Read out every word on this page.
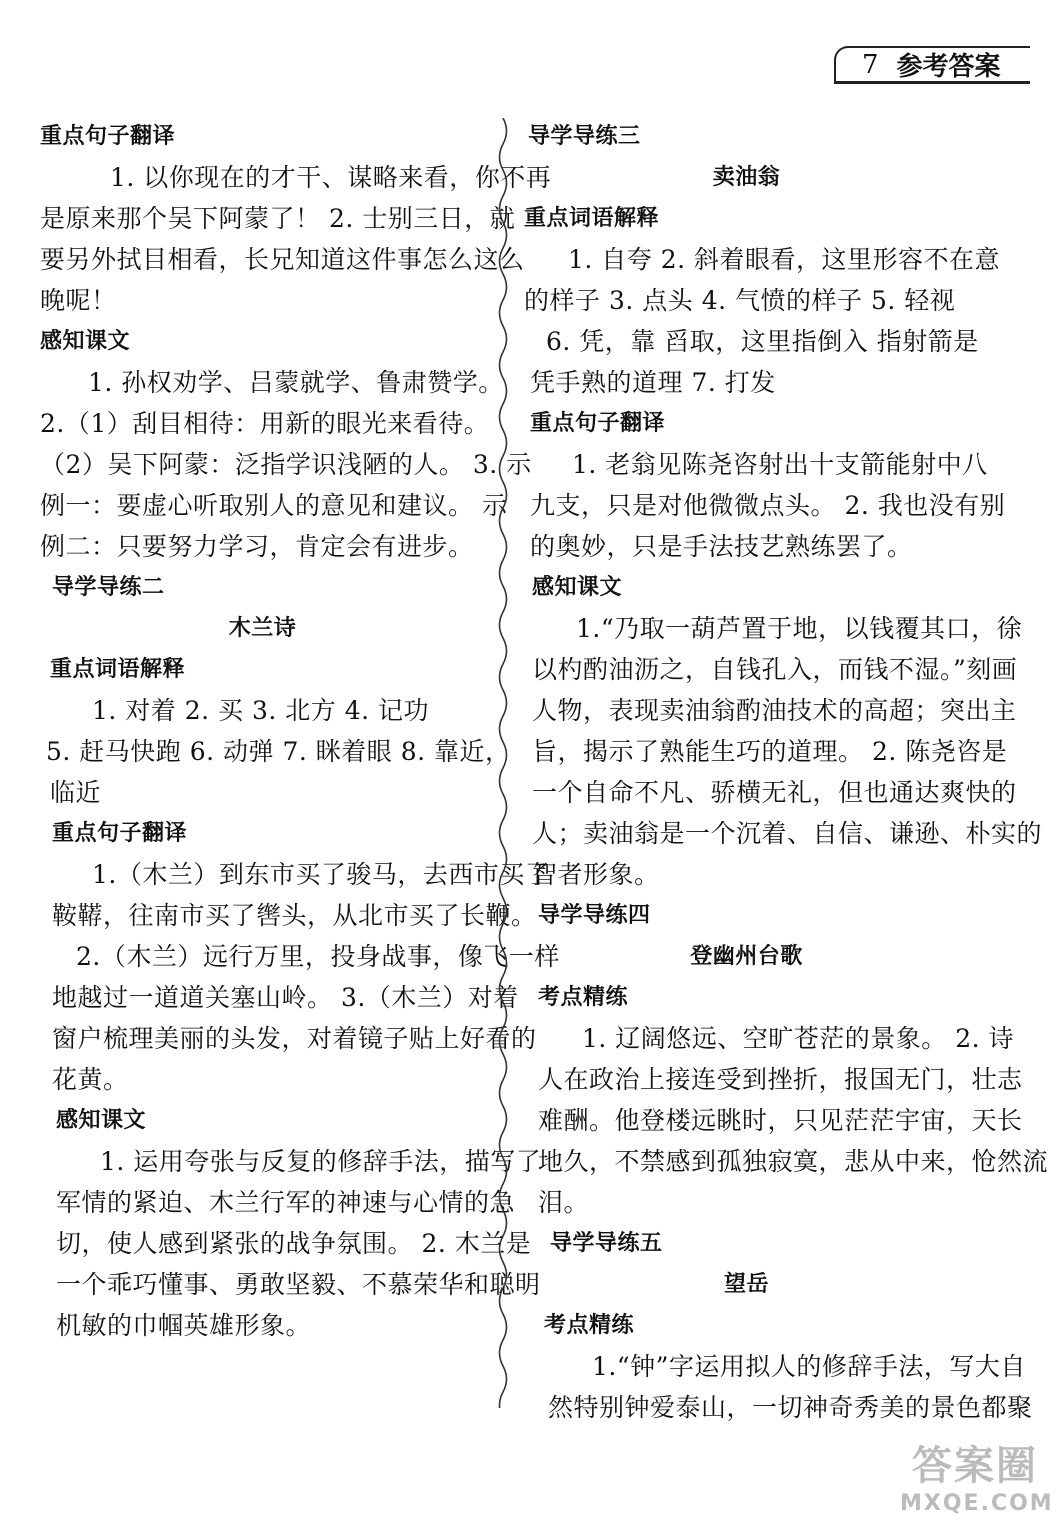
7 参考答案
重点句子翻译
1. 以你现在的才干、谋略来看，你不再
是原来那个吴下阿蒙了！ 2. 士别三日，就
要另外拭目相看，长兄知道这件事怎么这么
晚呢！
感知课文
1. 孙权劝学、吕蒙就学、鲁肃赞学。
2.（1）刮目相待：用新的眼光来看待。
（2）吴下阿蒙：泛指学识浅陋的人。 3. 示
例一：要虚心听取别人的意见和建议。 示
例二：只要努力学习，肯定会有进步。
导学导练二
木兰诗
重点词语解释
1. 对着 2. 买 3. 北方 4. 记功
5. 赶马快跑 6. 动弹 7. 眯着眼 8. 靠近，
临近
重点句子翻译
1.（木兰）到东市买了骏马，去西市买了
鞍鞯，往南市买了辔头，从北市买了长鞭。
2.（木兰）远行万里，投身战事，像飞一样
地越过一道道关塞山岭。 3.（木兰）对着
窗户梳理美丽的头发，对着镜子贴上好看的
花黄。
感知课文
1. 运用夸张与反复的修辞手法，描写了
军情的紧迫、木兰行军的神速与心情的急
切，使人感到紧张的战争氛围。 2. 木兰是
一个乖巧懂事、勇敢坚毅、不慕荣华和聪明
机敏的巾帼英雄形象。
导学导练三
卖油翁
重点词语解释
1. 自夸 2. 斜着眼看，这里形容不在意
的样子 3. 点头 4. 气愤的样子 5. 轻视
6. 凭，靠 舀取，这里指倒入 指射箭是
凭手熟的道理 7. 打发
重点句子翻译
1. 老翁见陈尧咨射出十支箭能射中八
九支，只是对他微微点头。 2. 我也没有别
的奥妙，只是手法技艺熟练罢了。
感知课文
1.“乃取一葫芦置于地，以钱覆其口，徐
以杓酌油沥之，自钱孔入，而钱不湿。”刻画
人物，表现卖油翁酌油技术的高超；突出主
旨，揭示了熟能生巧的道理。 2. 陈尧咨是
一个自命不凡、骄横无礼，但也通达爽快的
人；卖油翁是一个沉着、自信、谦逊、朴实的
智者形象。
导学导练四
登幽州台歌
考点精练
1. 辽阔悠远、空旷苍茫的景象。 2. 诗
人在政治上接连受到挫折，报国无门，壮志
难酬。他登楼远眺时，只见茫茫宇宙，天长
地久，不禁感到孤独寂寞，悲从中来，怆然流
泪。
导学导练五
望岳
考点精练
1.“钟”字运用拟人的修辞手法，写大自
然特别钟爱泰山，一切神奇秀美的景色都聚
答案圈
MXQE.COM
